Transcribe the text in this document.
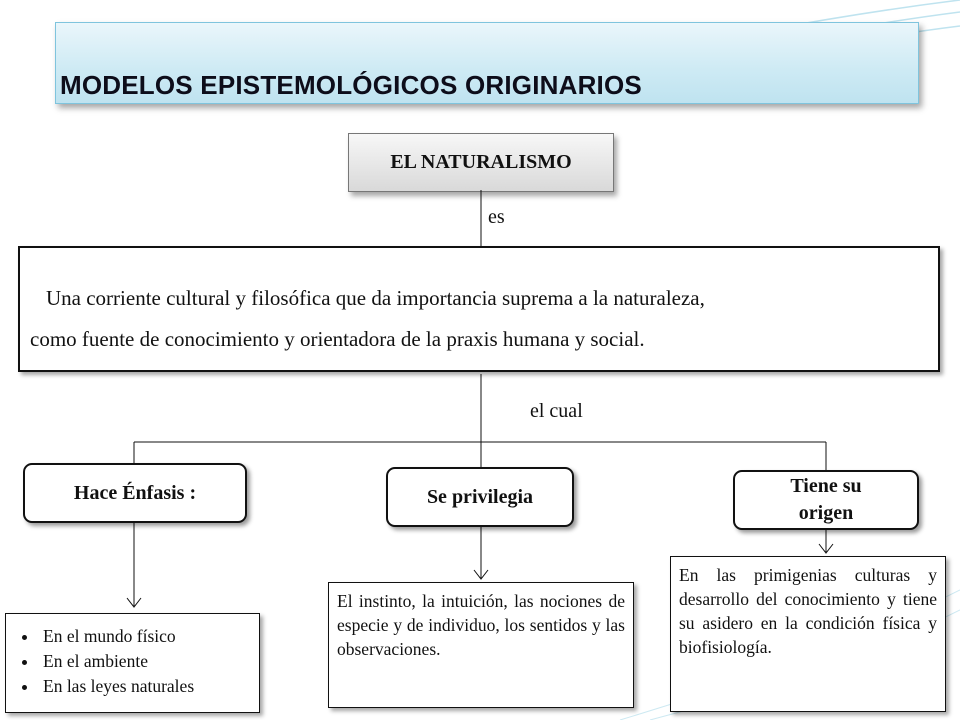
MODELOS EPISTEMOLÓGICOS ORIGINARIOS
EL NATURALISMO
es
Una corriente cultural y filosófica que da importancia suprema a la naturaleza,
como fuente de conocimiento y orientadora de la praxis humana y social.
el cual
Hace Énfasis :	Se privilegia	Tiene su origen
• En el mundo físico
• En el ambiente
• En las leyes naturales
El instinto, la intuición, las nociones de especie y de individuo, los sentidos y las observaciones.
En las primigenias culturas y desarrollo del conocimiento y tiene su asidero en la condición física y biofisiología.
